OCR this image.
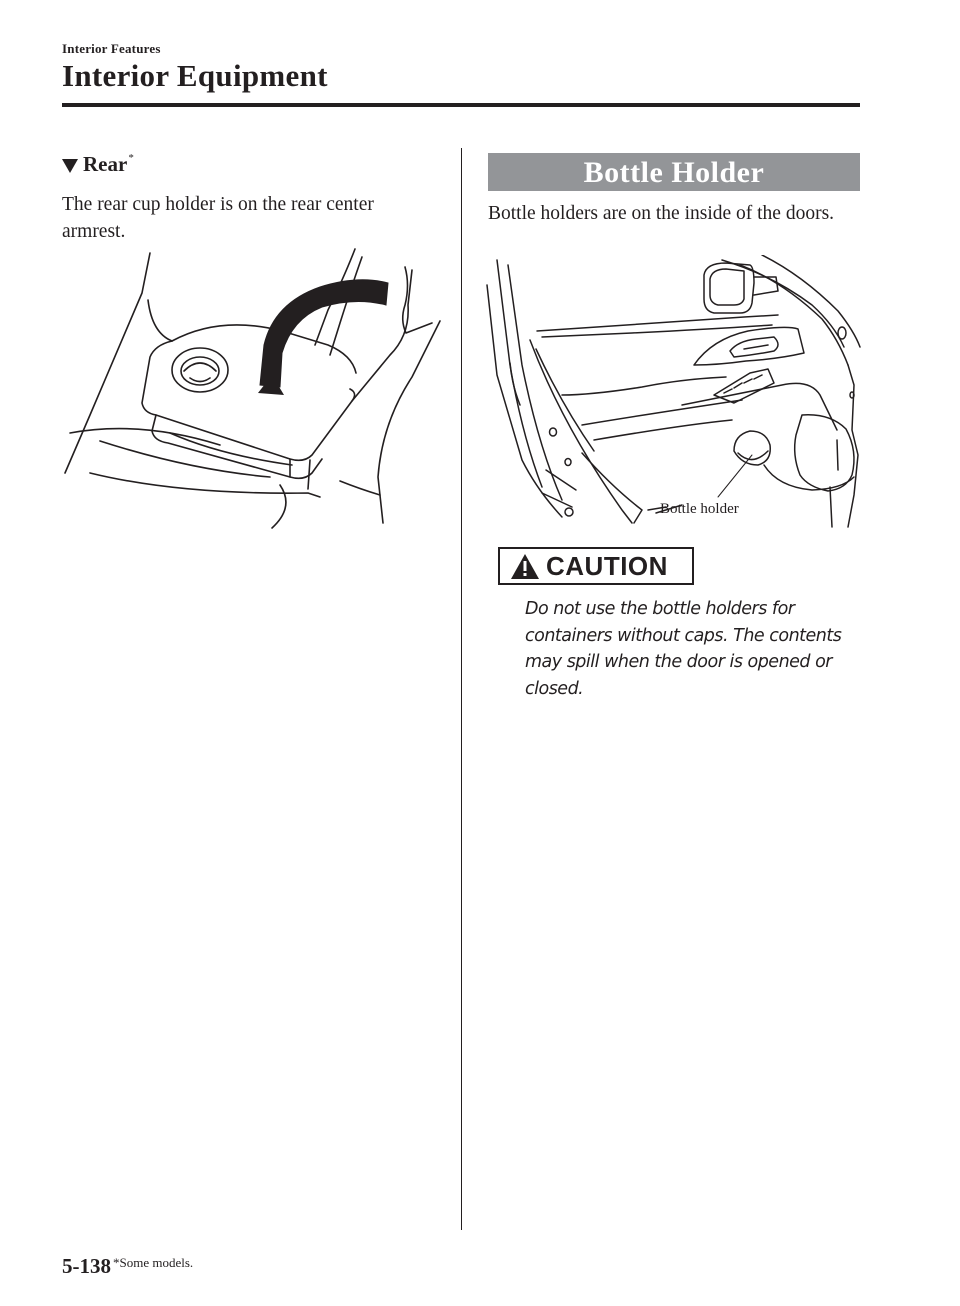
Interior Features
Interior Equipment
Rear *
The rear cup holder is on the rear center armrest.
Bottle Holder
Bottle holders are on the inside of the doors.
Bottle holder
CAUTION
Do not use the bottle holders for containers without caps. The contents may spill when the door is opened or closed.
5-138 *Some models.
